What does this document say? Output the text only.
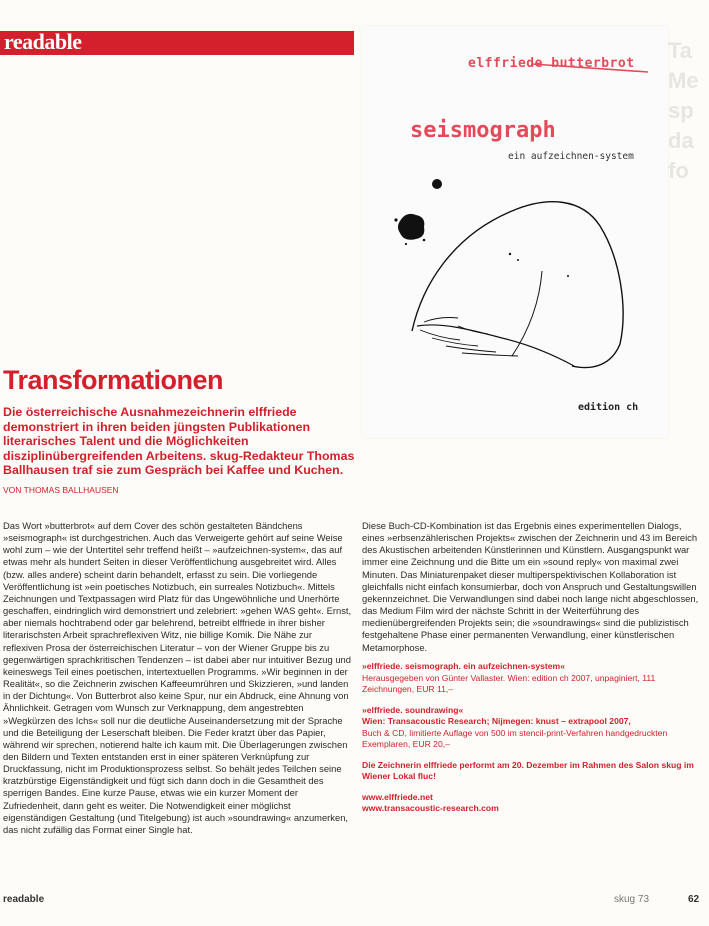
readable	Ta
Me
sp
da
fo
elffriede butterbrot
seismograph
ein aufzeichnen-system
edition ch
Transformationen
Die österreichische Ausnahmezeichnerin elffriede demonstriert in ihren beiden jüngsten Publikationen literarisches Talent und die Möglichkeiten disziplinübergreifenden Arbeitens. skug-Redakteur Thomas Ballhausen traf sie zum Gespräch bei Kaffee und Kuchen.
VON THOMAS BALLHAUSEN
Das Wort »butterbrot« auf dem Cover des schön gestalteten Bändchens »seismograph« ist durchgestrichen. Auch das Verweigerte gehört auf seine Weise wohl zum – wie der Untertitel sehr treffend heißt – »aufzeichnen-system«, das auf etwas mehr als hundert Seiten in dieser Veröffentlichung ausgebreitet wird. Alles (bzw. alles andere) scheint darin behandelt, erfasst zu sein. Die vorliegende Veröffentlichung ist »ein poetisches Notizbuch, ein surreales Notizbuch«. Mittels Zeichnungen und Textpassagen wird Platz für das Ungewöhnliche und Unerhörte geschaffen, eindringlich wird demonstriert und zelebriert: »gehen WAS geht«. Ernst, aber niemals hochtrabend oder gar belehrend, betreibt elffriede in ihrer bisher literarischsten Arbeit sprachreflexiven Witz, nie billige Komik. Die Nähe zur reflexiven Prosa der österreichischen Literatur – von der Wiener Gruppe bis zu gegenwärtigen sprachkritischen Tendenzen – ist dabei aber nur intuitiver Bezug und keineswegs Teil eines poetischen, intertextuellen Programms. »Wir beginnen in der Realität«, so die Zeichnerin zwischen Kaffeeumrühren und Skizzieren, »und landen in der Dichtung«. Von Butterbrot also keine Spur, nur ein Abdruck, eine Ahnung von Ähnlichkeit. Getragen vom Wunsch zur Verknappung, dem angestrebten »Wegkürzen des Ichs« soll nur die deutliche Auseinandersetzung mit der Sprache und die Beteiligung der Leserschaft bleiben. Die Feder kratzt über das Papier, während wir sprechen, notierend halte ich kaum mit. Die Überlagerungen zwischen den Bildern und Texten entstanden erst in einer späteren Verknüpfung zur Druckfassung, nicht im Produktionsprozess selbst. So behält jedes Teilchen seine kratzbürstige Eigenständigkeit und fügt sich dann doch in die Gesamtheit des sperrigen Bandes. Eine kurze Pause, etwas wie ein kurzer Moment der Zufriedenheit, dann geht es weiter. Die Notwendigkeit einer möglichst eigenständigen Gestaltung (und Titelgebung) ist auch »soundrawing« anzumerken, das nicht zufällig das Format einer Single hat.
Diese Buch-CD-Kombination ist das Ergebnis eines experimentellen Dialogs, eines »erbsenzählerischen Projekts« zwischen der Zeichnerin und 43 im Bereich des Akustischen arbeitenden Künstlerinnen und Künstlern. Ausgangspunkt war immer eine Zeichnung und die Bitte um ein »sound reply« von maximal zwei Minuten. Das Miniaturenpaket dieser multiperspektivischen Kollaboration ist gleichfalls nicht einfach konsumierbar, doch von Anspruch und Gestaltungswillen gekennzeichnet. Die Verwandlungen sind dabei noch lange nicht abgeschlossen, das Medium Film wird der nächste Schritt in der Weiterführung des medienübergreifenden Projekts sein; die »soundrawings« sind die publizistisch festgehaltene Phase einer permanenten Verwandlung, einer künstlerischen Metamorphose.

»elffriede. seismograph. ein aufzeichnen-system«
Herausgegeben von Günter Vallaster. Wien: edition ch 2007, unpaginiert, 111 Zeichnungen, EUR 11,–

»elffriede. soundrawing«
Wien: Transacoustic Research; Nijmegen: knust – extrapool 2007,
Buch & CD, limitierte Auflage von 500 im stencil-print-Verfahren handgedruckten Exemplaren, EUR 20,–

Die Zeichnerin elffriede performt am 20. Dezember im Rahmen des Salon skug im Wiener Lokal fluc!

www.elffriede.net
www.transacoustic-research.com

readable	skug 73	62
